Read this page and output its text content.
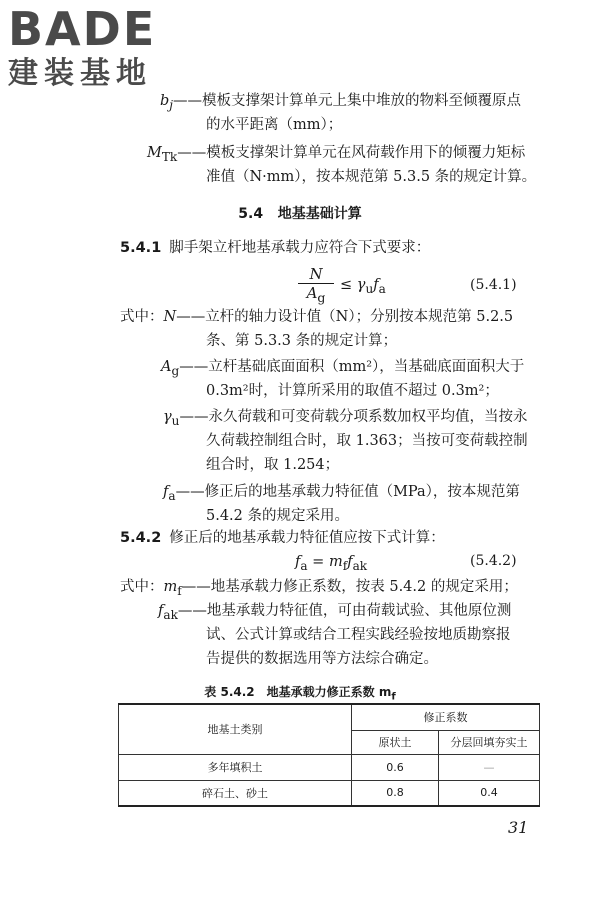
BADE
建装基地
$b_j——$模板支撑架计算单元上集中堆放的物料至倾覆原点
的水平距离（mm）；
$M_{Tk}——$模板支撑架计算单元在风荷载作用下的倾覆力矩标
准值（N·mm），按本规范第 5.3.5 条的规定计算。
5.4 地基基础计算
5.4.1 脚手架立杆地基承载力应符合下式要求：
N
$A_g$
≤ $\gamma_uf_a$	(5.4.1)
式中：N——立杆的轴力设计值（N）；分别按本规范第 5.2.5
条、第 5.3.3 条的规定计算；
$A_g——$立杆基础底面面积（mm²），当基础底面面积大于
0.3m²时，计算所采用的取值不超过 0.3m²；
$\gamma_u——$永久荷载和可变荷载分项系数加权平均值，当按永
久荷载控制组合时，取 1.363；当按可变荷载控制
组合时，取 1.254；
$f_a——$修正后的地基承载力特征值（MPa），按本规范第
5.4.2 条的规定采用。
5.4.2 修正后的地基承载力特征值应按下式计算：
$f_a = m_ff_{ak}$	(5.4.2)
式中：$m_f——$地基承载力修正系数，按表 5.4.2 的规定采用；
$f_{ak}——$地基承载力特征值，可由荷载试验、其他原位测
试、公式计算或结合工程实践经验按地质勘察报
告提供的数据选用等方法综合确定。
表 5.4.2　地基承载力修正系数 $m_f$
地基土类别	修正系数	
	原状土	分层回填夯实土
多年填积土	0.6	—
碎石土、砂土	0.8	0.4
31
